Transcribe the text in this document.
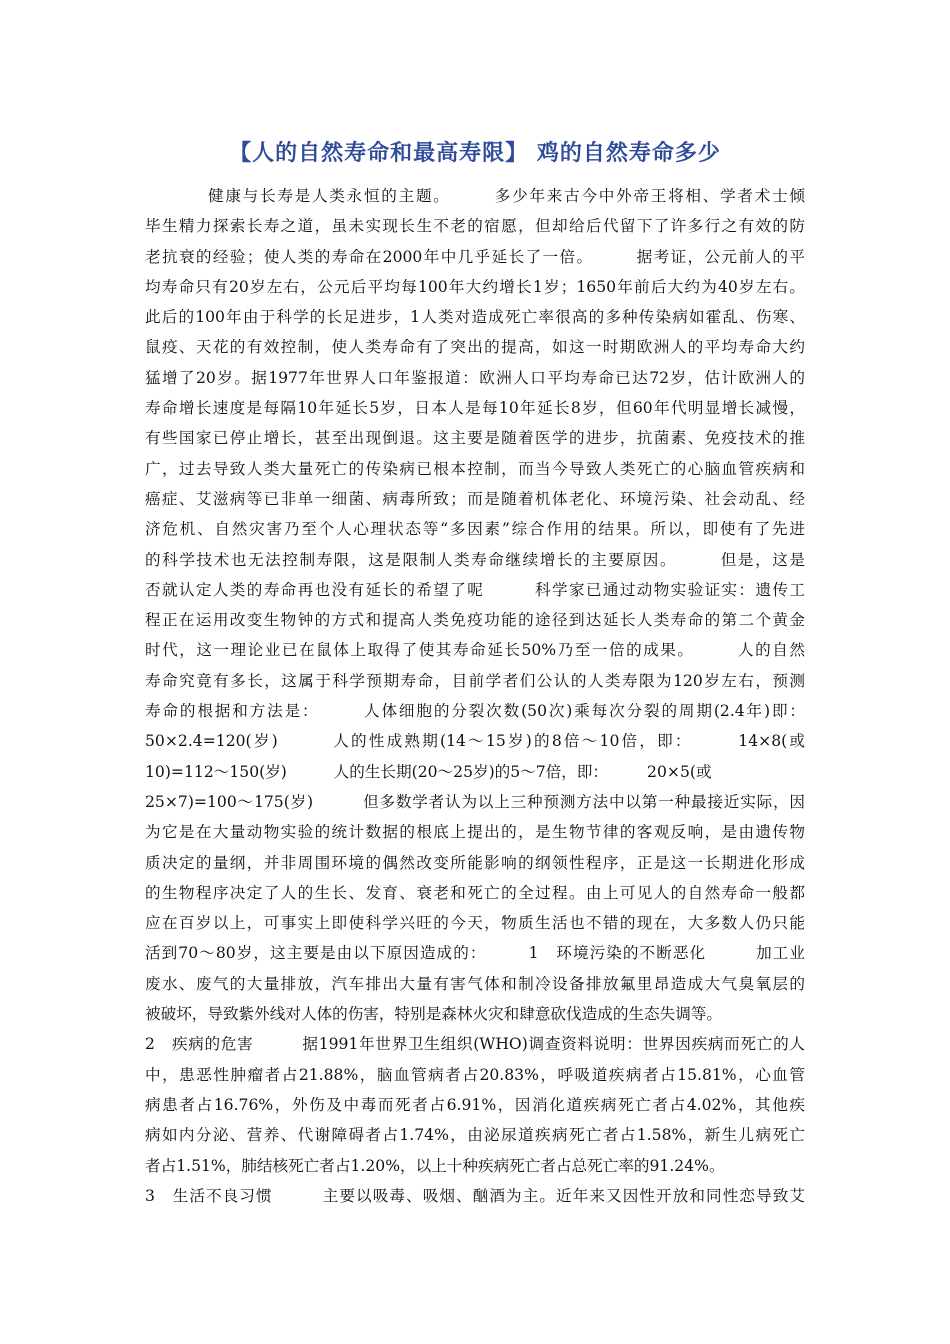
【人的自然寿命和最高寿限】 鸡的自然寿命多少
健康与长寿是人类永恒的主题。　　　多少年来古今中外帝王将相、学者术士倾
毕生精力探索长寿之道，虽未实现长生不老的宿愿，但却给后代留下了许多行之有效的防
老抗衰的经验；使人类的寿命在2000年中几乎延长了一倍。　　　据考证，公元前人的平
均寿命只有20岁左右，公元后平均每100年大约增长1岁；1650年前后大约为40岁左右。
此后的100年由于科学的长足进步，1人类对造成死亡率很高的多种传染病如霍乱、伤寒、
鼠疫、天花的有效控制，使人类寿命有了突出的提高，如这一时期欧洲人的平均寿命大约
猛增了20岁。据1977年世界人口年鉴报道：欧洲人口平均寿命已达72岁，估计欧洲人的
寿命增长速度是每隔10年延长5岁，日本人是每10年延长8岁，但60年代明显增长减慢，
有些国家已停止增长，甚至出现倒退。这主要是随着医学的进步，抗菌素、免疫技术的推
广，过去导致人类大量死亡的传染病已根本控制，而当今导致人类死亡的心脑血管疾病和
癌症、艾滋病等已非单一细菌、病毒所致；而是随着机体老化、环境污染、社会动乱、经
济危机、自然灾害乃至个人心理状态等“多因素”综合作用的结果。所以，即使有了先进
的科学技术也无法控制寿限，这是限制人类寿命继续增长的主要原因。　　　但是，这是
否就认定人类的寿命再也没有延长的希望了呢　　　科学家已通过动物实验证实：遗传工
程正在运用改变生物钟的方式和提高人类免疫功能的途径到达延长人类寿命的第二个黄金
时代，这一理论业已在鼠体上取得了使其寿命延长50%乃至一倍的成果。　　　人的自然
寿命究竟有多长，这属于科学预期寿命，目前学者们公认的人类寿限为120岁左右，预测
寿命的根据和方法是：　　　人体细胞的分裂次数(50次)乘每次分裂的周期(2.4年)即：
50×2.4=120(岁)　　　人的性成熟期(14～15岁)的8倍～10倍，即：　　　14×8(或
10)=112～150(岁)　　　人的生长期(20～25岁)的5～7倍，即：　　　20×5(或
25×7)=100～175(岁)　　　但多数学者认为以上三种预测方法中以第一种最接近实际，因
为它是在大量动物实验的统计数据的根底上提出的，是生物节律的客观反响，是由遗传物
质决定的量纲，并非周围环境的偶然改变所能影响的纲领性程序，正是这一长期进化形成
的生物程序决定了人的生长、发育、衰老和死亡的全过程。由上可见人的自然寿命一般都
应在百岁以上，可事实上即使科学兴旺的今天，物质生活也不错的现在，大多数人仍只能
活到70～80岁，这主要是由以下原因造成的：　　　1　环境污染的不断恶化　　　加工业
废水、废气的大量排放，汽车排出大量有害气体和制冷设备排放氟里昂造成大气臭氧层的
被破坏，导致紫外线对人体的伤害，特别是森林火灾和肆意砍伐造成的生态失调等。
2　疾病的危害　　　据1991年世界卫生组织(WHO)调查资料说明：世界因疾病而死亡的人
中，患恶性肿瘤者占21.88%，脑血管病者占20.83%，呼吸道疾病者占15.81%，心血管
病患者占16.76%，外伤及中毒而死者占6.91%，因消化道疾病死亡者占4.02%，其他疾
病如内分泌、营养、代谢障碍者占1.74%，由泌尿道疾病死亡者占1.58%，新生儿病死亡
者占1.51%，肺结核死亡者占1.20%，以上十种疾病死亡者占总死亡率的91.24%。
3　生活不良习惯　　　主要以吸毒、吸烟、酗酒为主。近年来又因性开放和同性恋导致艾
